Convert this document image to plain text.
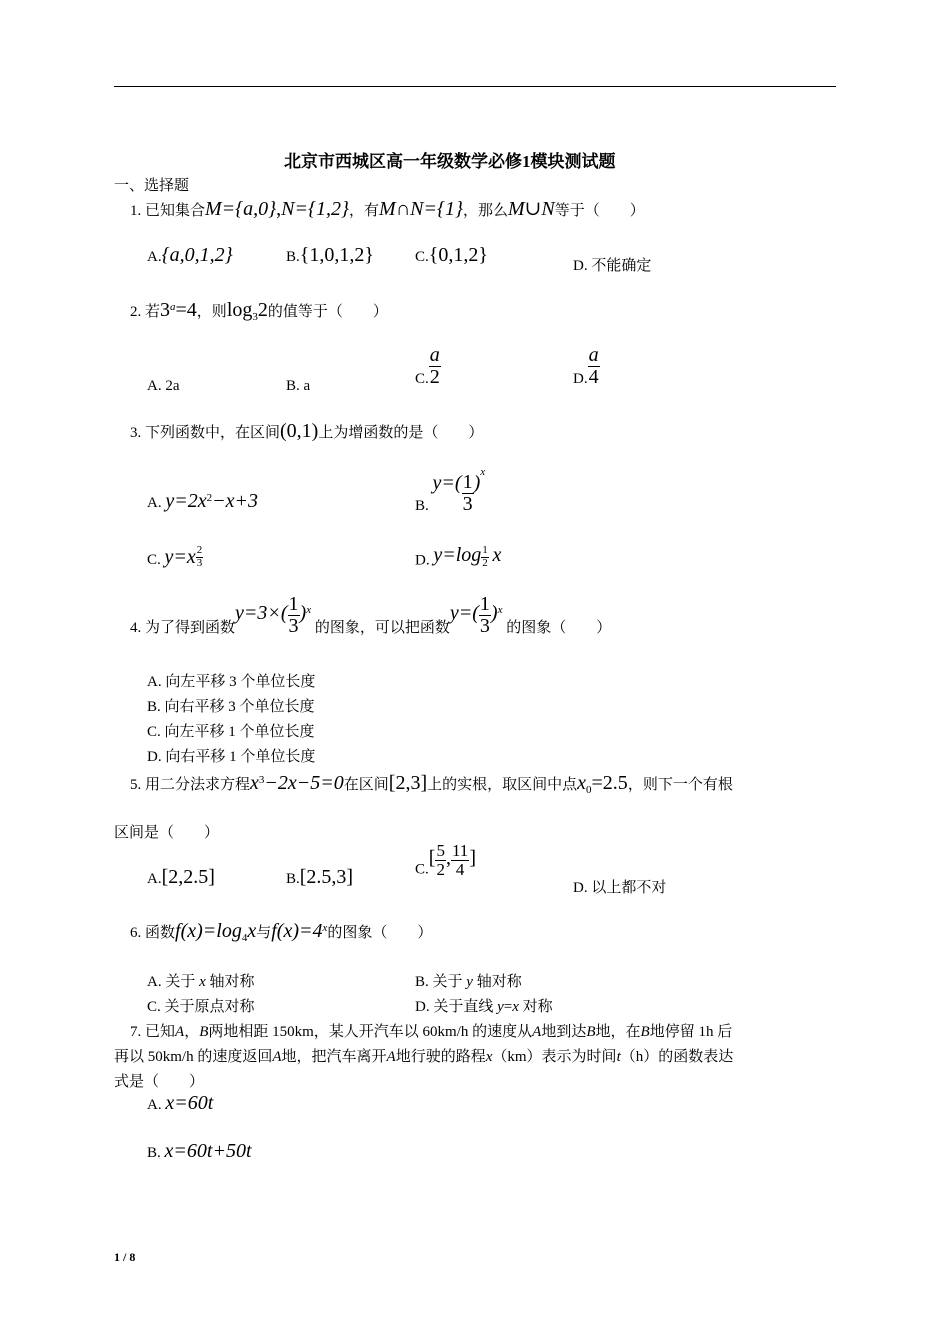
北京市西城区高一年级数学必修1模块测试题
一、选择题
1. 已知集合M={a,0},N={1,2}，有M∩N={1}，那么M∪N等于（　　）
A.{a,0,1,2}	B.{1,0,1,2}	C.{0,1,2}	D. 不能确定
2. 若$3^a=4$，则$\log_32$的值等于（　　）
A. 2a	B. a	C. $\frac{a}{2}$	D. $\frac{a}{4}$
3. 下列函数中，在区间(0,1)上为增函数的是（　　）
A. $y=2x^2-x+3$	B. $y=( \frac{1}{3} )^x$
C. $y=x \frac{2}{3}$	D. $y=\log \frac{1}{2}$ x
4. 为了得到函数$y=3\times( \frac{1}{3} )^x$ 的图象，可以把函数$y=( \frac{1}{3} )^x$ 的图象（　　）
A. 向左平移 3 个单位长度
B. 向右平移 3 个单位长度
C. 向左平移 1 个单位长度
D. 向右平移 1 个单位长度
5. 用二分法求方程$x^3-2x-5=0$在区间[2,3]上的实根，取区间中点$x_0=2.5$，则下一个有根
区间是（　　）
A.[2,2.5]	B.[2.5,3]	$C.[ \frac{5}{2}$ , $\frac{11}{4}$ ]
D. 以上都不对
6. 函数$f(x)=\log_4x$与$f(x)=4^x$的图象（　　）
A. 关于 x 轴对称	B. 关于 y 轴对称
C. 关于原点对称	D. 关于直线 y=x 对称
7. 已知A，B两地相距 150km，某人开汽车以 60km/h 的速度从A地到达B地，在B地停留 1h 后
再以 50km/h 的速度返回A地，把汽车离开A地行驶的路程x（km）表示为时间t（h）的函数表达
式是（　　）
A. x=60t
B. x=60t+50t
1 / 8
